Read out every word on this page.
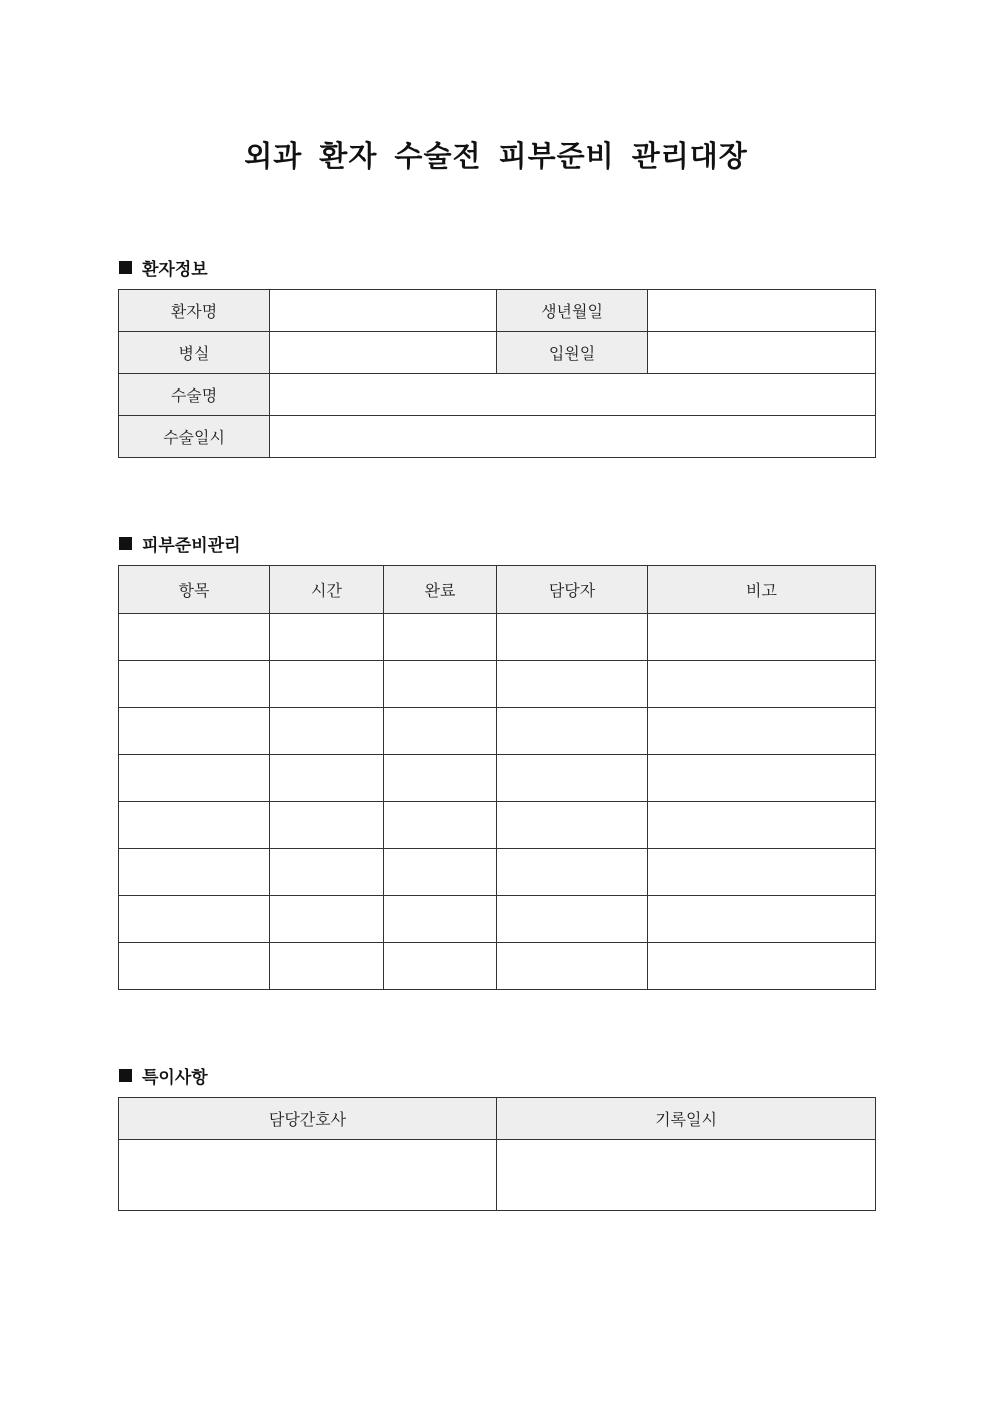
외과 환자 수술전 피부준비 관리대장
환자정보
환자명		생년월일	
병실		입원일	
수술명			
수술일시			
피부준비관리
항목	시간	완료	담당자	비고

특이사항
담당간호사	기록일시
